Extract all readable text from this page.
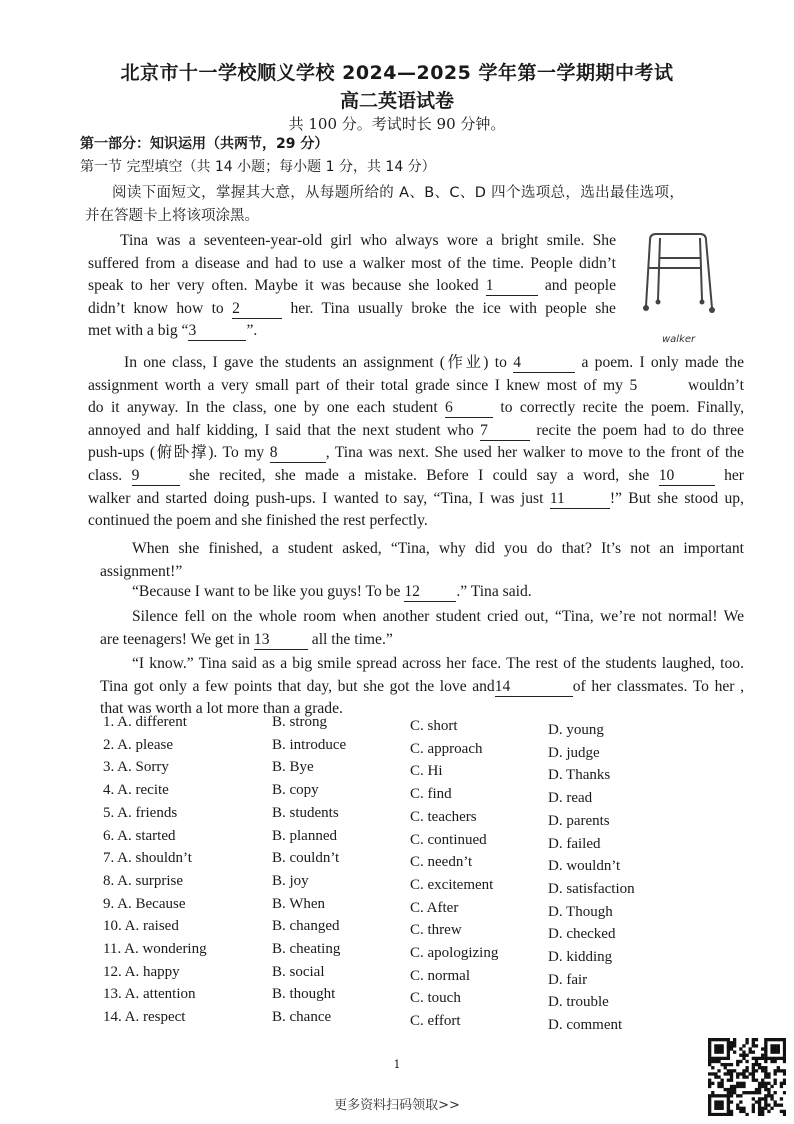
北京市十一学校顺义学校 2024—2025 学年第一学期期中考试
高二英语试卷
共 100 分。考试时长 90 分钟。
第一部分：知识运用（共两节，29 分）
第一节 完型填空（共 14 小题；每小题 1 分，共 14 分）
阅读下面短文，掌握其大意，从每题所给的 A、B、C、D 四个选项总，选出最佳选项，
并在答题卡上将该项涂黑。
walker
Tina was a seventeen-year-old girl who always wore a bright smile. She
suffered from a disease and had to use a walker most of the time. People didn’t
speak to her very often. Maybe it was because she looked 1	and people
didn’t know how to 2	her. Tina usually broke the ice with people she
met with a big “3	”.
In one class, I gave the students an assignment (作业) to 4	a poem. I only made the
assignment worth a very small part of their total grade since I knew most of my 5	wouldn’t
do it anyway. In the class, one by one each student 6	to correctly recite the poem. Finally,
annoyed and half kidding, I said that the next student who 7	recite the poem had to do three
push-ups (俯卧撑). To my 8	, Tina was next. She used her walker to move to the front of the
class. 9	she recited, she made a mistake. Before I could say a word, she 10	her
walker and started doing push-ups. I wanted to say, “Tina, I was just 11	!” But she stood up,
continued the poem and she finished the rest perfectly.
When she finished, a student asked, “Tina, why did you do that? It’s not an important
assignment!”
“Because I want to be like you guys! To be 12 .” Tina said.
Silence fell on the whole room when another student cried out, “Tina, we’re not normal! We
are teenagers! We get in 13	all the time.”
“I know.” Tina said as a big smile spread across her face. The rest of the students laughed, too.
Tina got only a few points that day, but she got the love and14	of her classmates. To her ,
that was worth a lot more than a grade.
1. A. different	B. strong	C. short	D. young
2. A. please	B. introduce	C. approach	D. judge
3. A. Sorry	B. Bye	C. Hi	D. Thanks
4. A. recite	B. copy	C. find	D. read
5. A. friends	B. students	C. teachers	D. parents
6. A. started	B. planned	C. continued	D. failed
7. A. shouldn’t	B. couldn’t	C. needn’t	D. wouldn’t
8. A. surprise	B. joy	C. excitement	D. satisfaction
9. A. Because	B. When	C. After	D. Though
10. A. raised	B. changed	C. threw	D. checked
11. A. wondering	B. cheating	C. apologizing	D. kidding
12. A. happy	B. social	C. normal	D. fair
13. A. attention	B. thought	C. touch	D. trouble
14. A. respect	B. chance	C. effort	D. comment
1
更多资料扫码领取>>
